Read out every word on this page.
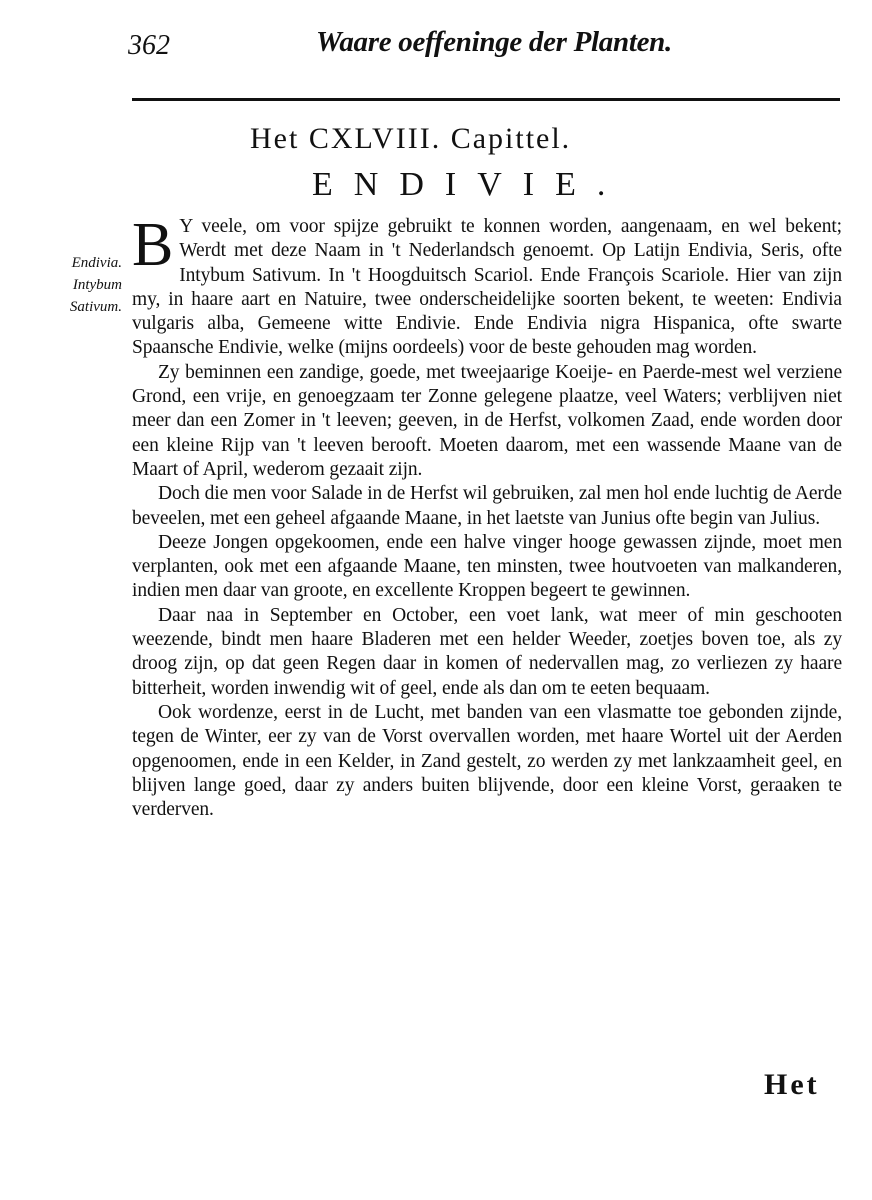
362	Waare oeffeninge der Planten.
Het CXLVIII. Capittel.
ENDIVIE.
Endivia.
Intybum
Sativum.

B Y veele, om voor spijze gebruikt te konnen worden, aangenaam, en wel bekent; Werdt met deze Naam in 't Nederlandsch genoemt. Op Latijn Endivia, Seris, ofte Intybum Sativum. In 't Hoogduitsch Scariol. Ende François Scariole. Hier van zijn my, in haare aart en Natuire, twee onderscheidelijke soorten bekent, te weeten: Endivia vulgaris alba, Gemeene witte Endivie. Ende Endivia nigra Hispanica, ofte swarte Spaansche Endivie, welke (mijns oordeels) voor de beste gehouden mag worden.

Zy beminnen een zandige, goede, met tweejaarige Koeije- en Paerde-mest wel verziene Grond, een vrije, en genoegzaam ter Zonne gelegene plaatze, veel Waters; verblijven niet meer dan een Zomer in 't leeven; geeven, in de Herfst, volkomen Zaad, ende worden door een kleine Rijp van 't leeven berooft. Moeten daarom, met een wassende Maane van de Maart of April, wederom gezaait zijn.

Doch die men voor Salade in de Herfst wil gebruiken, zal men hol ende luchtig de Aerde beveelen, met een geheel afgaande Maane, in het laetste van Junius ofte begin van Julius.

Deeze Jongen opgekoomen, ende een halve vinger hooge gewassen zijnde, moet men verplanten, ook met een afgaande Maane, ten minsten, twee houtvoeten van malkanderen, indien men daar van groote, en excellente Kroppen begeert te gewinnen.

Daar naa in September en October, een voet lank, wat meer of min geschooten weezende, bindt men haare Bladeren met een helder Weeder, zoetjes boven toe, als zy droog zijn, op dat geen Regen daar in komen of nedervallen mag, zo verliezen zy haare bitterheit, worden inwendig wit of geel, ende als dan om te eeten bequaam.

Ook wordenze, eerst in de Lucht, met banden van een vlasmatte toe gebonden zijnde, tegen de Winter, eer zy van de Vorst overvallen worden, met haare Wortel uit der Aerden opgenoomen, ende in een Kelder, in Zand gestelt, zo werden zy met lankzaamheit geel, en blijven lange goed, daar zy anders buiten blijvende, door een kleine Vorst, geraaken te verderven.

Het
